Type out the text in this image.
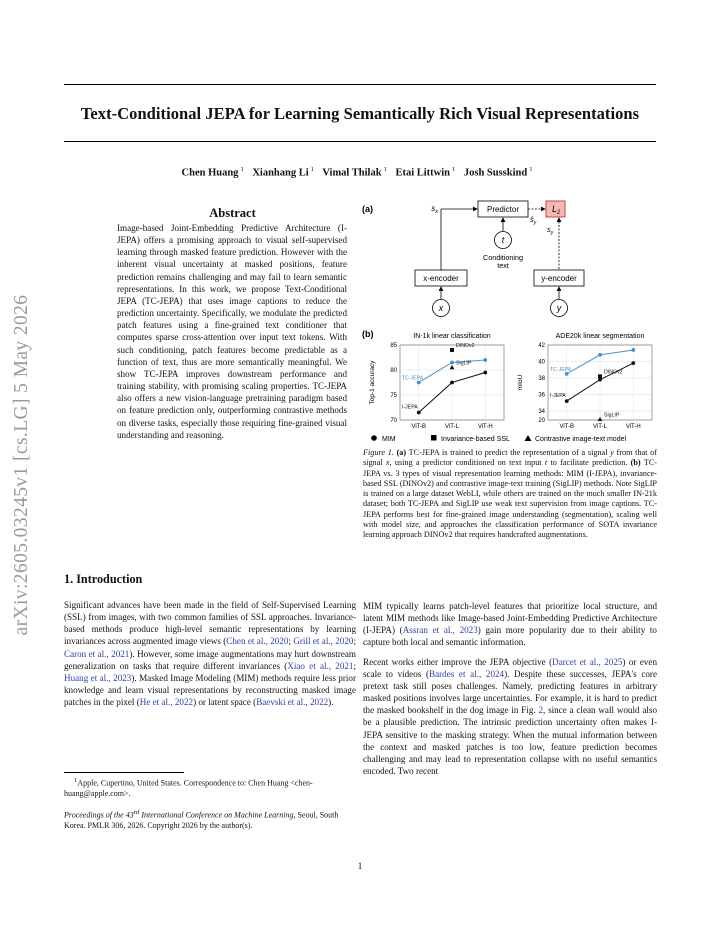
Text-Conditional JEPA for Learning Semantically Rich Visual Representations
Chen Huang $^1$ Xianhang Li $^1$ Vimal Thilak $^1$ Etai Littwin $^1$ Josh Susskind $^1$
arXiv:2605.03245v1 [cs.LG] 5 May 2026
Abstract
Image-based Joint-Embedding Predictive Architecture (I-JEPA) offers a promising approach to visual self-supervised learning through masked feature prediction. However with the inherent visual uncertainty at masked positions, feature prediction remains challenging and may fail to learn semantic representations. In this work, we propose Text-Conditional JEPA (TC-JEPA) that uses image captions to reduce the prediction uncertainty. Specifically, we modulate the predicted patch features using a fine-grained text conditioner that computes sparse cross-attention over input text tokens. With such conditioning, patch features become predictable as a function of text, thus are more semantically meaningful. We show TC-JEPA improves downstream performance and training stability, with promising scaling properties. TC-JEPA also offers a new vision-language pretraining paradigm based on feature prediction only, outperforming contrastive methods on diverse tasks, especially those requiring fine-grained visual understanding and reasoning.
1. Introduction

Significant advances have been made in the field of Self-Supervised Learning (SSL) from images, with two common families of SSL approaches. Invariance-based methods produce high-level semantic representations by learning invariances across augmented image views (Chen et al., 2020; Grill et al., 2020; Caron et al., 2021). However, some image augmentations may hurt downstream generalization on tasks that require different invariances (Xiao et al., 2021; Huang et al., 2023). Masked Image Modeling (MIM) methods require less prior knowledge and learn visual representations by reconstructing masked image patches in the pixel (He et al., 2022) or latent space (Baevski et al., 2022).

$^1$Apple, Cupertino, United States. Correspondence to: Chen Huang <chen-huang@apple.com>.
Proceedings of the 43rd International Conference on Machine Learning, Seoul, South Korea. PMLR 306, 2026. Copyright 2026 by the author(s).
(a)	Predictor	$L_2$
x-encoder	y-encoder
x	y
t
Conditioning
text
$s_x$
$ŝ_y$
$s_y$
(b)	IN-1k linear classification
Top-1 accuracy
70
75
80
85
ViT-B	ViT-L	ViT-H
TC-JEPA
I-JEPA
DINOv2
SigLIP
ADE20k linear segmentation
mIoU
20
34
36
38
40
42
ViT-B	ViT-L	ViT-H
TC-JEPA
I-JEPA
DINOv2
SigLIP
MIM	Invariance-based SSL	Contrastive image-text model
Figure 1. (a) TC-JEPA is trained to predict the representation of a signal y from that of signal x, using a predictor conditioned on text input t to facilitate prediction. (b) TC-JEPA vs. 3 types of visual representation learning methods: MIM (I-JEPA), invariance-based SSL (DINOv2) and contrastive image-text training (SigLIP) methods. Note SigLIP is trained on a large dataset WebLI, while others are trained on the much smaller IN-21k dataset; both TC-JEPA and SigLIP use weak text supervision from image captions. TC-JEPA performs best for fine-grained image understanding (segmentation), scaling well with model size, and approaches the classification performance of SOTA invariance learning approach DINOv2 that requires handcrafted augmentations.

MIM typically learns patch-level features that prioritize local structure, and latent MIM methods like Image-based Joint-Embedding Predictive Architecture (I-JEPA) (Assran et al., 2023) gain more popularity due to their ability to capture both local and semantic information.

Recent works either improve the JEPA objective (Darcet et al., 2025) or even scale to videos (Bardes et al., 2024). Despite these successes, JEPA's core pretext task still poses challenges. Namely, predicting features in arbitrary masked positions involves large uncertainties. For example, it is hard to predict the masked bookshelf in the dog image in Fig. 2, since a clean wall would also be a plausible prediction. The intrinsic prediction uncertainty often makes I-JEPA sensitive to the masking strategy. When the mutual information between the context and masked patches is too low, feature prediction becomes challenging and may lead to representation collapse with no useful semantics encoded. Two recent

1
